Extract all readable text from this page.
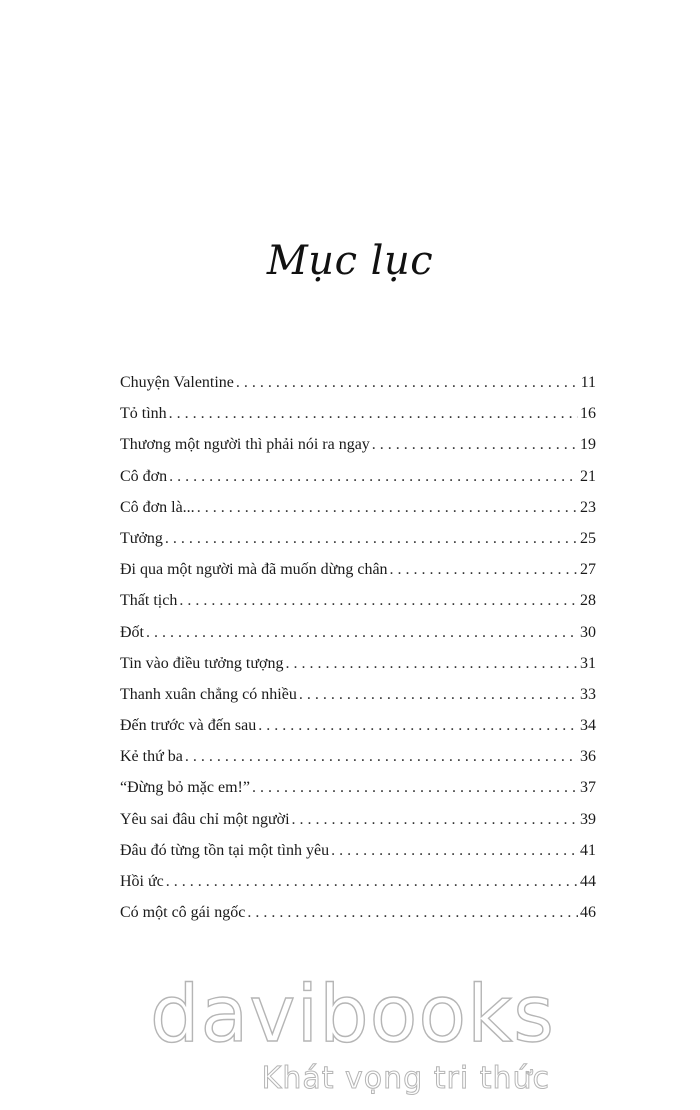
Mục lục
Chuyện Valentine . . .	11
Tỏ tình . . .	16
Thương một người thì phải nói ra ngay . . .	19
Cô đơn . . .	21
Cô đơn là... . . .	23
Tưởng . . .	25
Đi qua một người mà đã muốn dừng chân . . .	27
Thất tịch . . .	28
Đốt . . .	30
Tin vào điều tưởng tượng . . .	31
Thanh xuân chẳng có nhiều . . .	33
Đến trước và đến sau . . .	34
Kẻ thứ ba . . .	36
“Đừng bỏ mặc em!” . . .	37
Yêu sai đâu chỉ một người . . .	39
Đâu đó từng tồn tại một tình yêu . . .	41
Hồi ức . . .	44
Có một cô gái ngốc . . .	46
davibooks
Khát vọng tri thức
